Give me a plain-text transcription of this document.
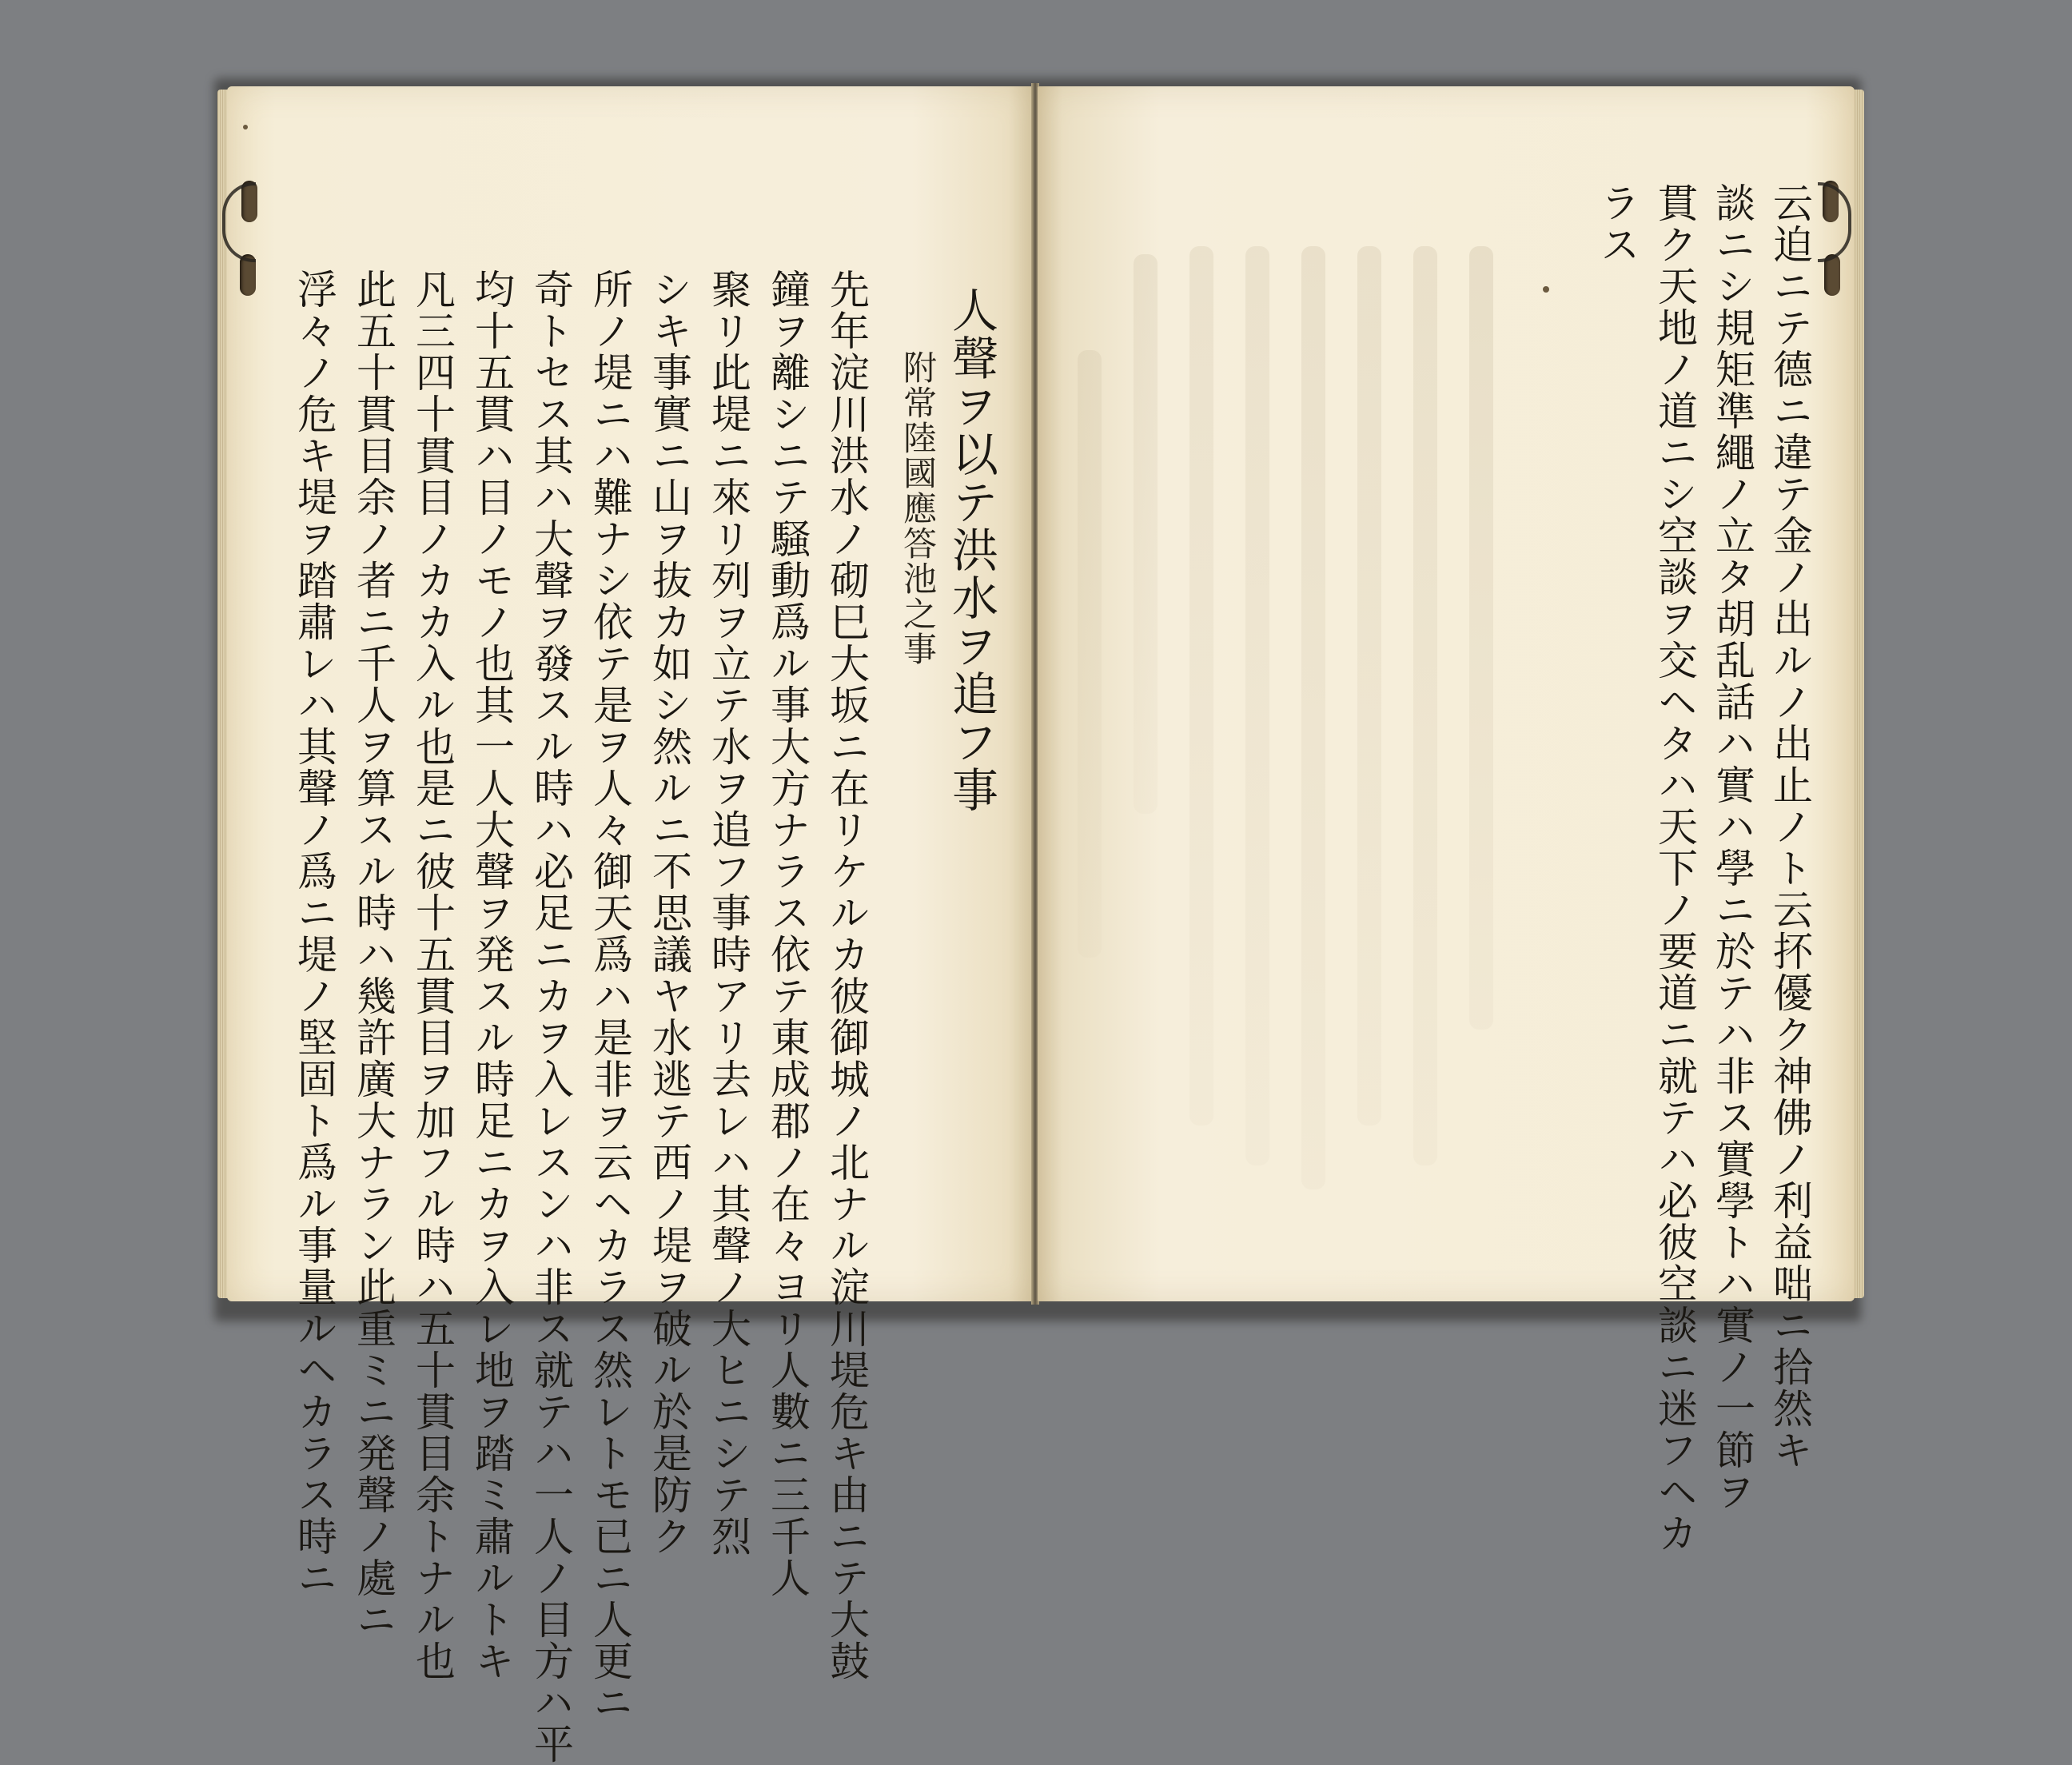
人聲ヲ以テ洪水ヲ追フ事
附常陸國應答池之事
先年淀川洪水ノ砌巳大坂ニ在リケルカ彼御城ノ北ナル淀川堤危キ由ニテ大鼓
鐘ヲ離シニテ騒動爲ル事大方ナラス依テ東成郡ノ在々ヨリ人數ニ三千人
聚リ此堤ニ來リ列ヲ立テ水ヲ追フ事時アリ去レハ其聲ノ大ヒニシテ烈
シキ事實ニ山ヲ抜カ如シ然ルニ不思議ヤ水逃テ西ノ堤ヲ破ル於是防ク
所ノ堤ニハ難ナシ依テ是ヲ人々御天爲ハ是非ヲ云ヘカラス然レトモ已ニ人更ニ
奇トセス其ハ大聲ヲ發スル時ハ必足ニカヲ入レスンハ非ス就テハ一人ノ目方ハ平
均十五貫ハ目ノモノ也其一人大聲ヲ発スル時足ニカヲ入レ地ヲ踏ミ肅ルトキ
凡三四十貫目ノカカ入ル也是ニ彼十五貫目ヲ加フル時ハ五十貫目余トナル也
此五十貫目余ノ者ニ千人ヲ算スル時ハ幾許廣大ナラン此重ミニ発聲ノ處ニ
浮々ノ危キ堤ヲ踏肅レハ其聲ノ爲ニ堤ノ堅固ト爲ル事量ルヘカラス時ニ	云迫ニテ德ニ違テ金ノ出ルノ出止ノト云抔優ク神佛ノ利益咄ニ拾然キ
談ニシ規矩準繩ノ立タ胡乱話ハ實ハ學ニ於テハ非ス實學トハ實ノ一節ヲ
貫ク天地ノ道ニシ空談ヲ交ヘタハ天下ノ要道ニ就テハ必彼空談ニ迷フヘカ
ラス
